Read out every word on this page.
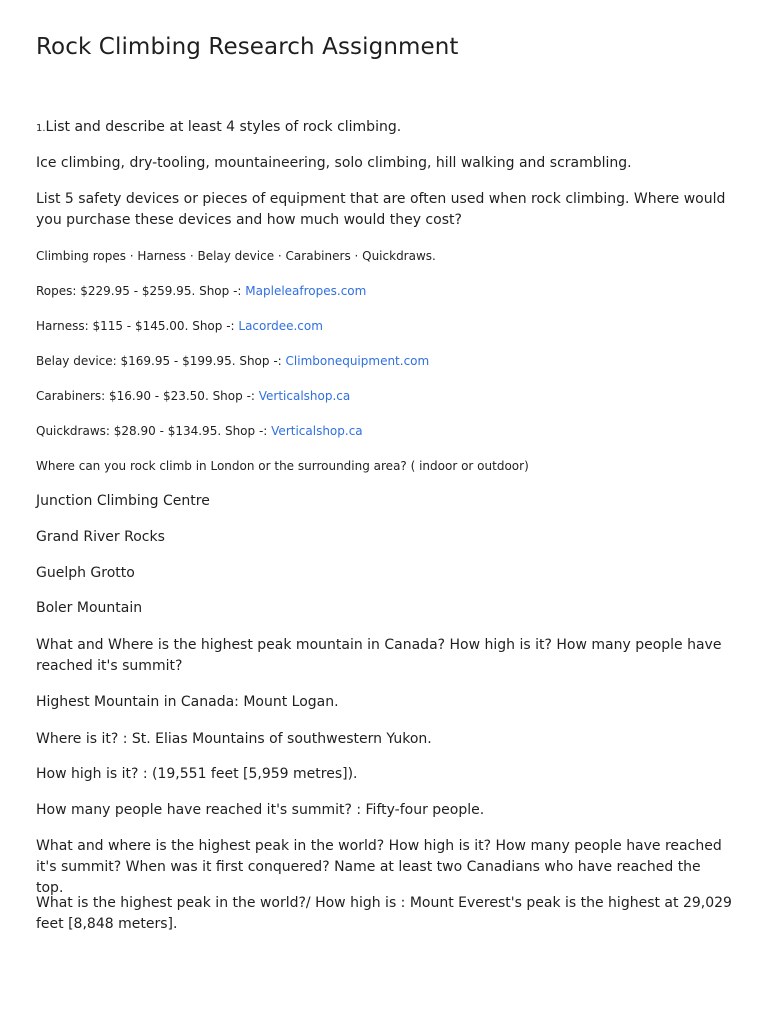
Rock Climbing Research Assignment

1.List and describe at least 4 styles of rock climbing.

Ice climbing, dry-tooling, mountaineering, solo climbing, hill walking and scrambling.

List 5 safety devices or pieces of equipment that are often used when rock climbing. Where would you purchase these devices and how much would they cost?

Climbing ropes · Harness · Belay device · Carabiners · Quickdraws.

Ropes: $229.95 - $259.95. Shop -: Mapleleafropes.com

Harness: $115 - $145.00. Shop -: Lacordee.com

Belay device: $169.95 - $199.95. Shop -: Climbonequipment.com

Carabiners: $16.90 - $23.50. Shop -: Verticalshop.ca

Quickdraws: $28.90 - $134.95. Shop -: Verticalshop.ca

Where can you rock climb in London or the surrounding area? ( indoor or outdoor)

Junction Climbing Centre

Grand River Rocks

Guelph Grotto

Boler Mountain

What and Where is the highest peak mountain in Canada? How high is it? How many people have reached it's summit?

Highest Mountain in Canada: Mount Logan.

Where is it? : St. Elias Mountains of southwestern Yukon.

How high is it? : (19,551 feet [5,959 metres]).

How many people have reached it's summit? : Fifty-four people.

What and where is the highest peak in the world? How high is it? How many people have reached it's summit? When was it first conquered? Name at least two Canadians who have reached the top.

What is the highest peak in the world?/ How high is : Mount Everest's peak is the highest at 29,029 feet [8,848 meters].
